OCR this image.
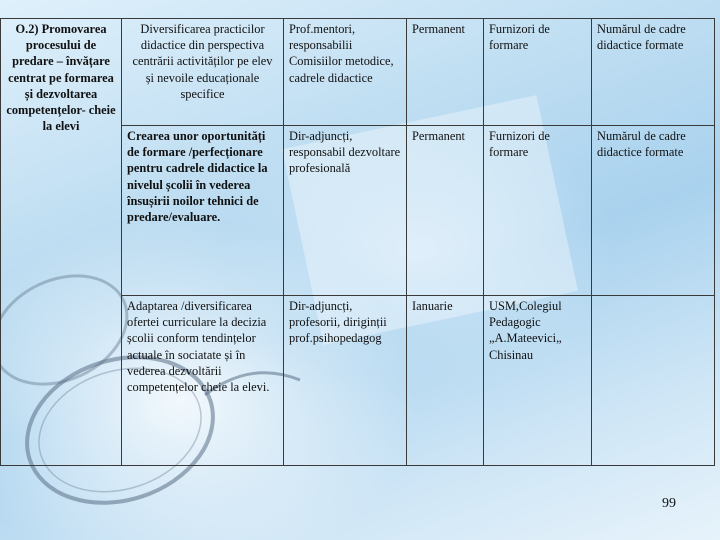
O.2) Promovarea procesului de predare – învățare centrat pe formarea și dezvoltarea competențelor- cheie la elevi	Diversificarea practicilor didactice din perspectiva centrării activităților pe elev și nevoile educaționale specifice	Prof.mentori, responsabilii Comisiilor metodice, cadrele didactice	Permanent	Furnizori de formare	Numărul de cadre didactice formate
	Crearea unor oportunități de formare /perfecționare pentru cadrele didactice la nivelul școlii în vederea însușirii noilor tehnici de predare/evaluare.	Dir-adjuncți, responsabil dezvoltare profesională	Permanent	Furnizori de formare	Numărul de cadre didactice formate
	Adaptarea /diversificarea ofertei curriculare la decizia școlii conform tendințelor actuale în sociatate și în vederea dezvoltării competențelor cheie la elevi.	Dir-adjuncți, profesorii, diriginții prof.psihopedagog	Ianuarie	USM,Colegiul Pedagogic „A.Mateevici„ Chisinau	
99
